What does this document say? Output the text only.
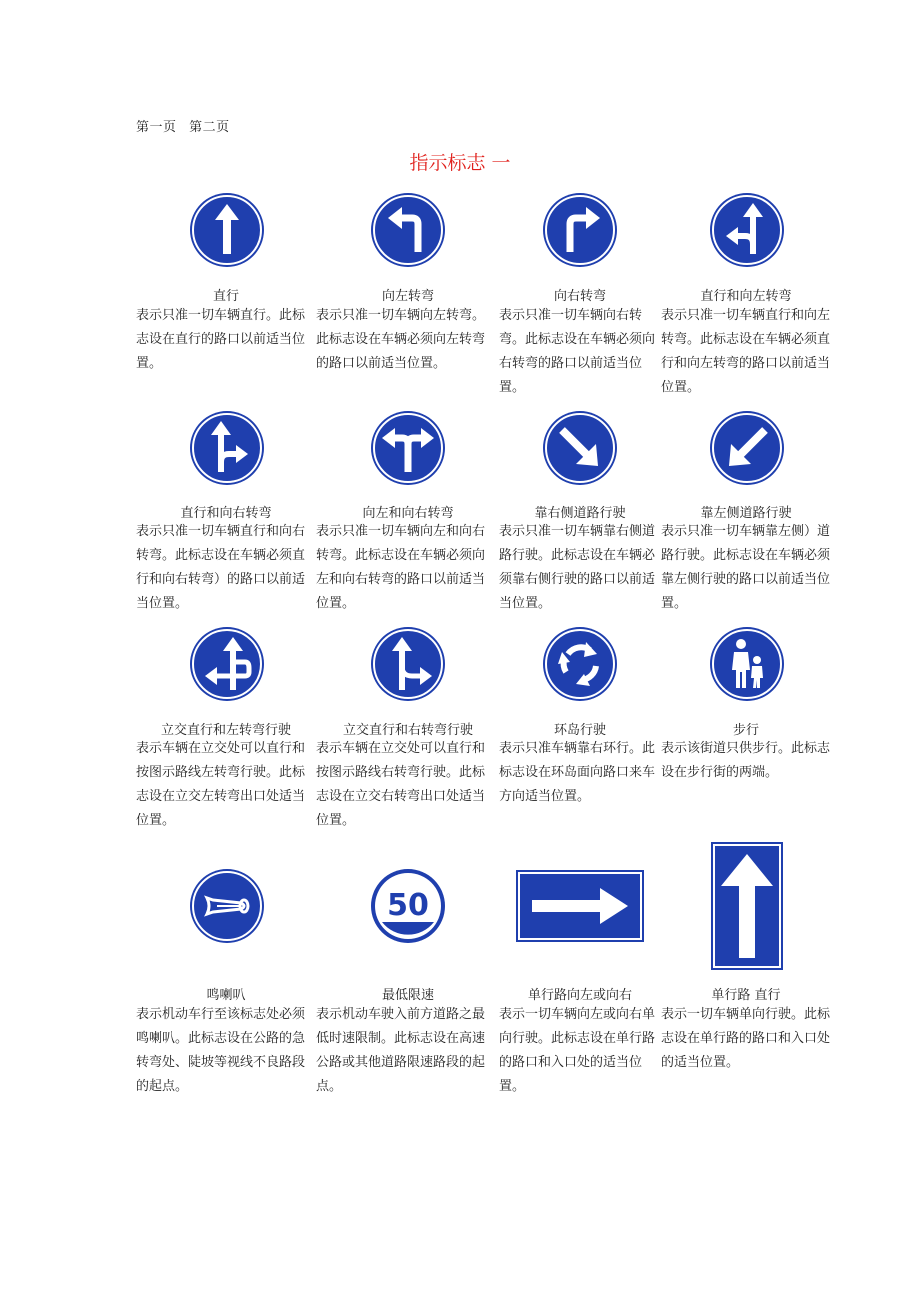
第一页 第二页
指示标志 一
直行
表示只准一切车辆直行。此标志设在直行的路口以前适当位置。
向左转弯
表示只准一切车辆向左转弯。此标志设在车辆必须向左转弯的路口以前适当位置。
向右转弯
表示只准一切车辆向右转弯。此标志设在车辆必须向右转弯的路口以前适当位置。
直行和向左转弯
表示只准一切车辆直行和向左转弯。此标志设在车辆必须直行和向左转弯的路口以前适当位置。
直行和向右转弯
表示只准一切车辆直行和向右转弯。此标志设在车辆必须直行和向右转弯）的路口以前适当位置。
向左和向右转弯
表示只准一切车辆向左和向右转弯。此标志设在车辆必须向左和向右转弯的路口以前适当位置。
靠右侧道路行驶
表示只准一切车辆靠右侧道路行驶。此标志设在车辆必须靠右侧行驶的路口以前适当位置。
靠左侧道路行驶
表示只准一切车辆靠左侧）道路行驶。此标志设在车辆必须靠左侧行驶的路口以前适当位置。
立交直行和左转弯行驶
表示车辆在立交处可以直行和按图示路线左转弯行驶。此标志设在立交左转弯出口处适当位置。
立交直行和右转弯行驶
表示车辆在立交处可以直行和按图示路线右转弯行驶。此标志设在立交右转弯出口处适当位置。
环岛行驶
表示只准车辆靠右环行。此标志设在环岛面向路口来车方向适当位置。
步行
表示该街道只供步行。此标志设在步行街的两端。
鸣喇叭
表示机动车行至该标志处必须鸣喇叭。此标志设在公路的急转弯处、陡坡等视线不良路段的起点。
50
最低限速
表示机动车驶入前方道路之最低时速限制。此标志设在高速公路或其他道路限速路段的起点。
单行路向左或向右
表示一切车辆向左或向右单向行驶。此标志设在单行路的路口和入口处的适当位置。
单行路 直行
表示一切车辆单向行驶。此标志设在单行路的路口和入口处的适当位置。
